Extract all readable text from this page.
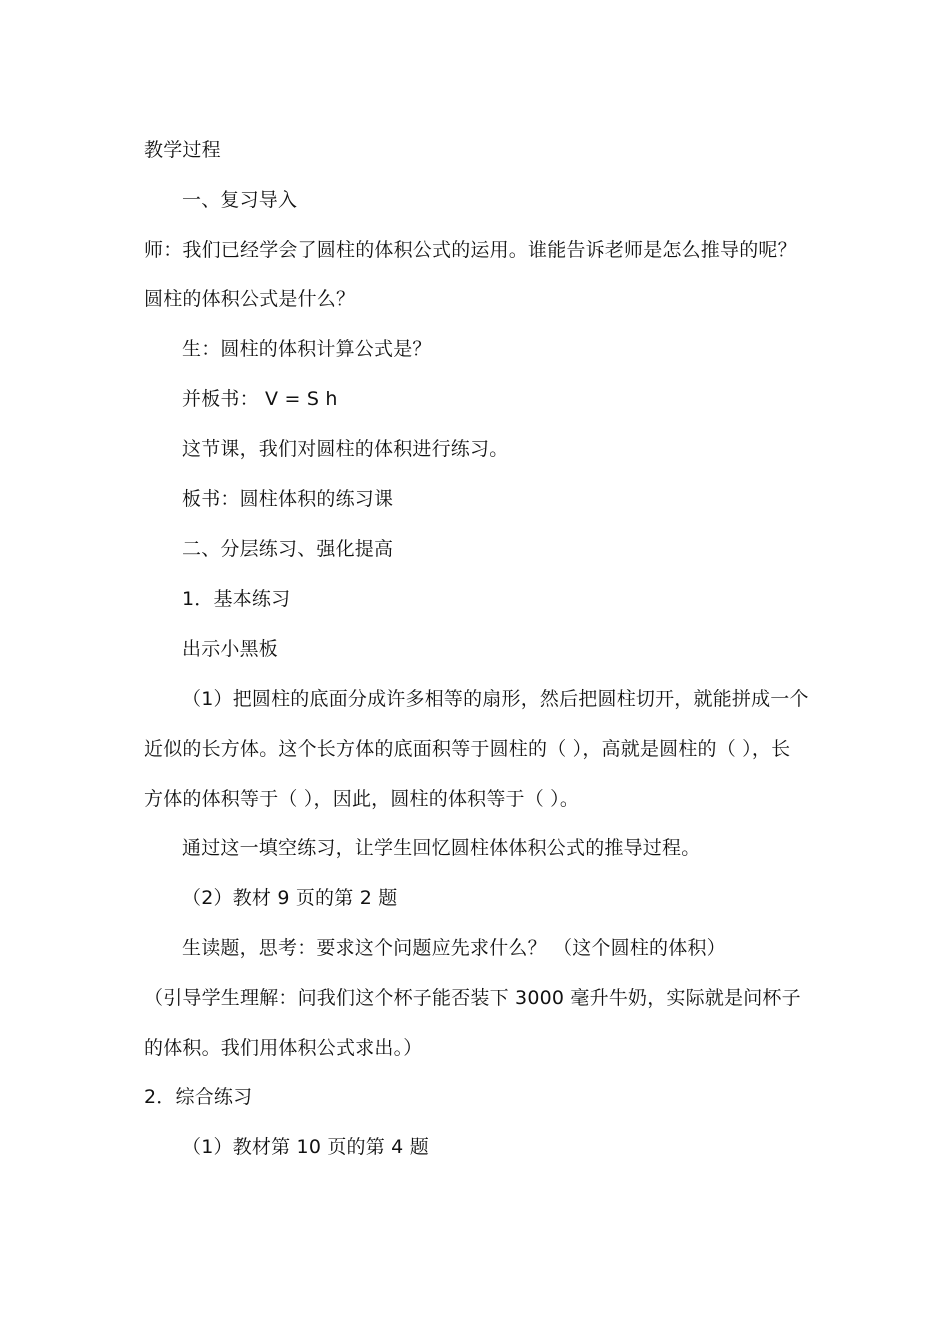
教学过程
一、复习导入
师：我们已经学会了圆柱的体积公式的运用。谁能告诉老师是怎么推导的呢？
圆柱的体积公式是什么？
生：圆柱的体积计算公式是？
并板书： V = S h
这节课，我们对圆柱的体积进行练习。
板书：圆柱体积的练习课
二、分层练习、强化提高
1．基本练习
出示小黑板
（1）把圆柱的底面分成许多相等的扇形，然后把圆柱切开，就能拼成一个
近似的长方体。这个长方体的底面积等于圆柱的（ ），高就是圆柱的（ ），长
方体的体积等于（ ），因此，圆柱的体积等于（ ）。
通过这一填空练习，让学生回忆圆柱体体积公式的推导过程。
（2）教材 9 页的第 2 题
生读题，思考：要求这个问题应先求什么？ （这个圆柱的体积）
（引导学生理解：问我们这个杯子能否装下 3000 毫升牛奶，实际就是问杯子
的体积。我们用体积公式求出。）
2．综合练习
（1）教材第 10 页的第 4 题
